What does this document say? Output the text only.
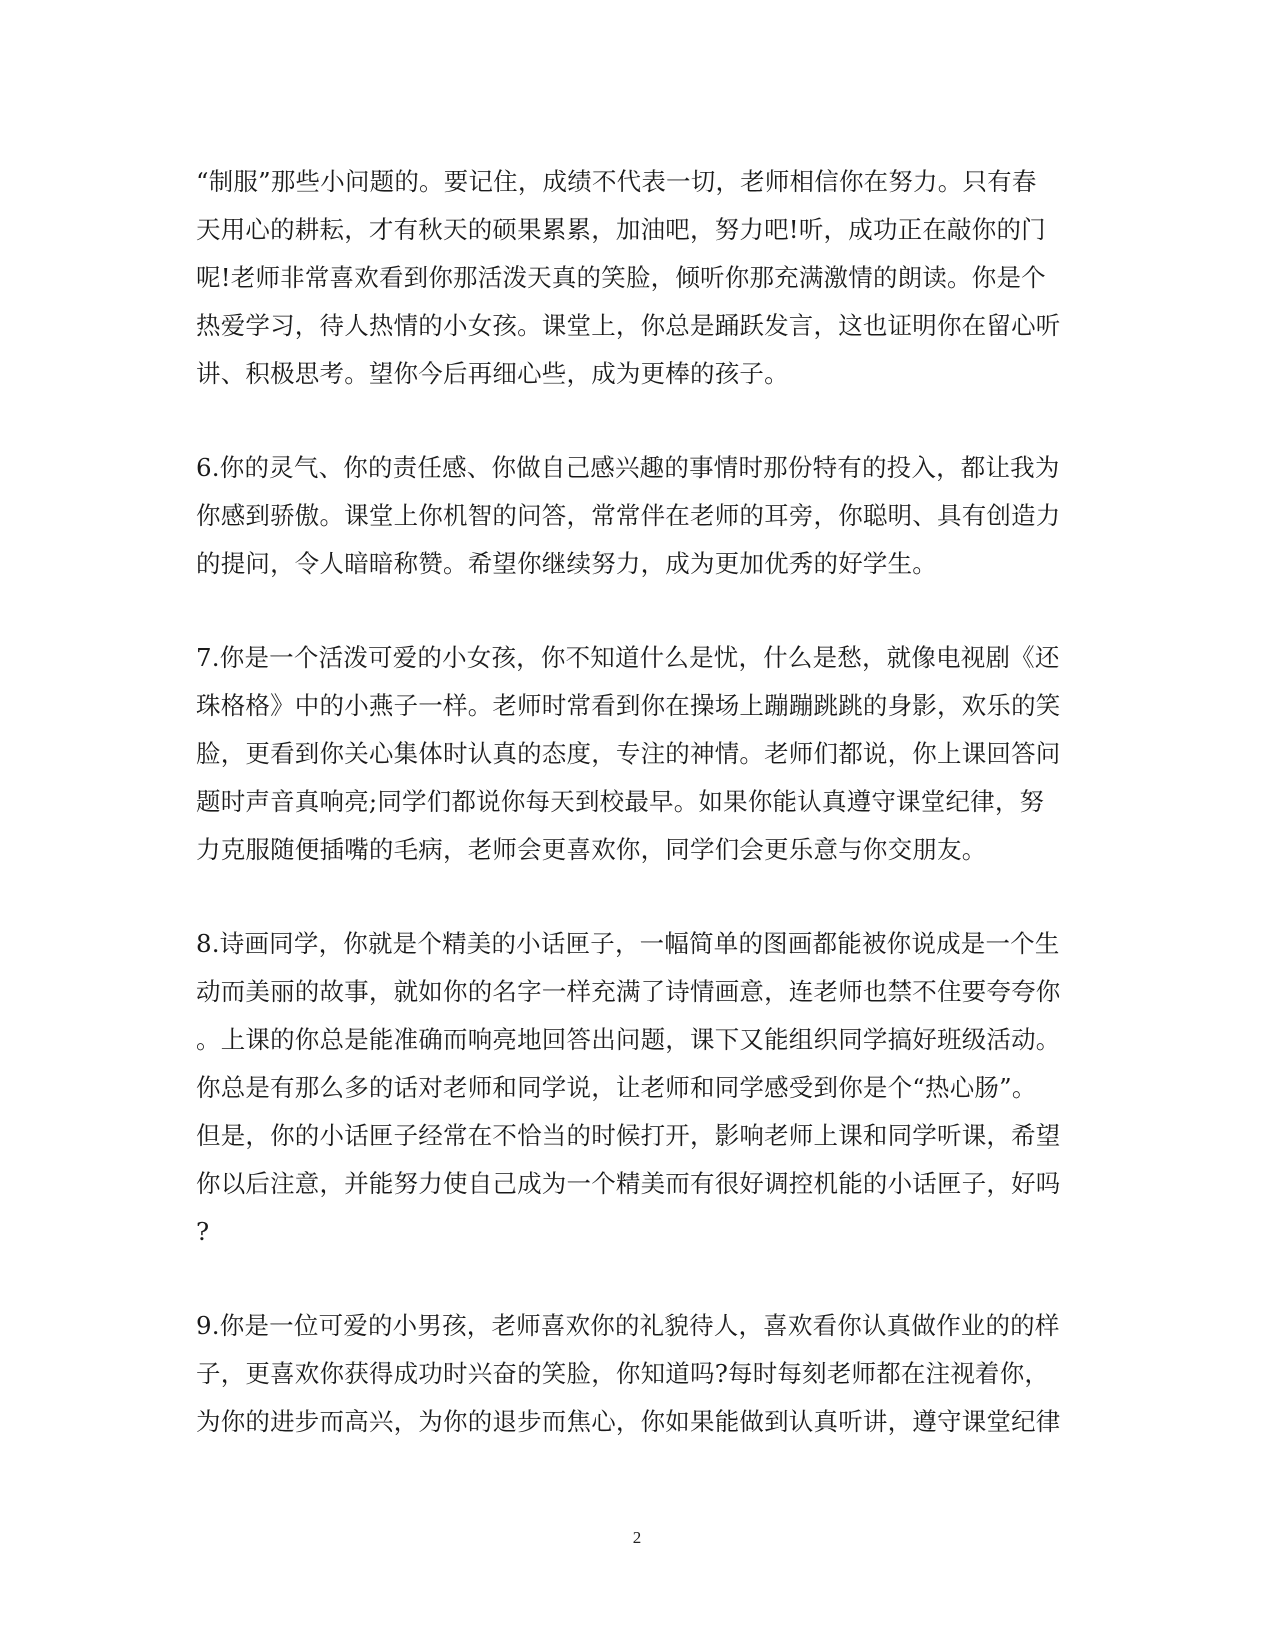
“制服”那些小问题的。要记住，成绩不代表一切，老师相信你在努力。只有春
天用心的耕耘，才有秋天的硕果累累，加油吧，努力吧!听，成功正在敲你的门
呢!老师非常喜欢看到你那活泼天真的笑脸，倾听你那充满激情的朗读。你是个
热爱学习，待人热情的小女孩。课堂上，你总是踊跃发言，这也证明你在留心听
讲、积极思考。望你今后再细心些，成为更棒的孩子。
6.你的灵气、你的责任感、你做自己感兴趣的事情时那份特有的投入，都让我为
你感到骄傲。课堂上你机智的问答，常常伴在老师的耳旁，你聪明、具有创造力
的提问，令人暗暗称赞。希望你继续努力，成为更加优秀的好学生。
7.你是一个活泼可爱的小女孩，你不知道什么是忧，什么是愁，就像电视剧《还
珠格格》中的小燕子一样。老师时常看到你在操场上蹦蹦跳跳的身影，欢乐的笑
脸，更看到你关心集体时认真的态度，专注的神情。老师们都说，你上课回答问
题时声音真响亮;同学们都说你每天到校最早。如果你能认真遵守课堂纪律，努
力克服随便插嘴的毛病，老师会更喜欢你，同学们会更乐意与你交朋友。
8.诗画同学，你就是个精美的小话匣子，一幅简单的图画都能被你说成是一个生
动而美丽的故事，就如你的名字一样充满了诗情画意，连老师也禁不住要夸夸你
。上课的你总是能准确而响亮地回答出问题，课下又能组织同学搞好班级活动。
你总是有那么多的话对老师和同学说，让老师和同学感受到你是个“热心肠”。
但是，你的小话匣子经常在不恰当的时候打开，影响老师上课和同学听课，希望
你以后注意，并能努力使自己成为一个精美而有很好调控机能的小话匣子，好吗
?
9.你是一位可爱的小男孩，老师喜欢你的礼貌待人，喜欢看你认真做作业的的样
子，更喜欢你获得成功时兴奋的笑脸，你知道吗?每时每刻老师都在注视着你，
为你的进步而高兴，为你的退步而焦心，你如果能做到认真听讲，遵守课堂纪律
2
